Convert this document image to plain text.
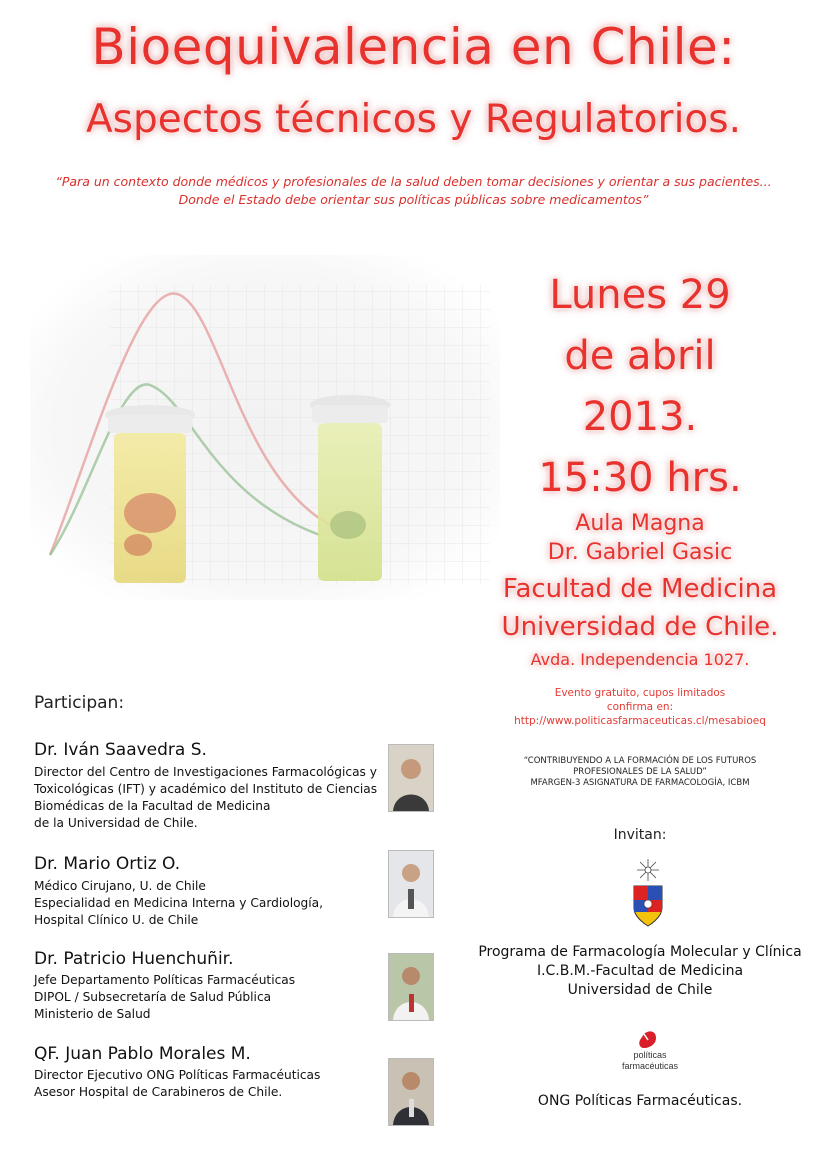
Bioequivalencia en Chile:
Aspectos técnicos y Regulatorios.
“Para un contexto donde médicos y profesionales de la salud deben tomar decisiones y orientar a sus pacientes...
Donde el Estado debe orientar sus políticas públicas sobre medicamentos”
Lunes 29
de abril
2013.
15:30 hrs.
Aula Magna
Dr. Gabriel Gasic
Facultad de Medicina
Universidad de Chile.
Avda. Independencia 1027.
Evento gratuito, cupos limitados
confirma en:
http://www.politicasfarmaceuticas.cl/mesabioeq
“CONTRIBUYENDO A LA FORMACIÓN DE LOS FUTUROS
PROFESIONALES DE LA SALUD”
MFARGEN-3 ASIGNATURA DE FARMACOLOGÍA, ICBM
Participan:
Dr. Iván Saavedra S.
Director del Centro de Investigaciones Farmacológicas y
Toxicológicas (IFT) y académico del Instituto de Ciencias
Biomédicas de la Facultad de Medicina
de la Universidad de Chile.
Dr. Mario Ortiz O.
Médico Cirujano, U. de Chile
Especialidad en Medicina Interna y Cardiología,
Hospital Clínico U. de Chile
Dr. Patricio Huenchuñir.
Jefe Departamento Políticas Farmacéuticas
DIPOL / Subsecretaría de Salud Pública
Ministerio de Salud
QF. Juan Pablo Morales M.
Director Ejecutivo ONG Políticas Farmacéuticas
Asesor Hospital de Carabineros de Chile.
Invitan:
Programa de Farmacología Molecular y Clínica
I.C.B.M.-Facultad de Medicina
Universidad de Chile
políticas
farmacéuticas
ONG Políticas Farmacéuticas.
